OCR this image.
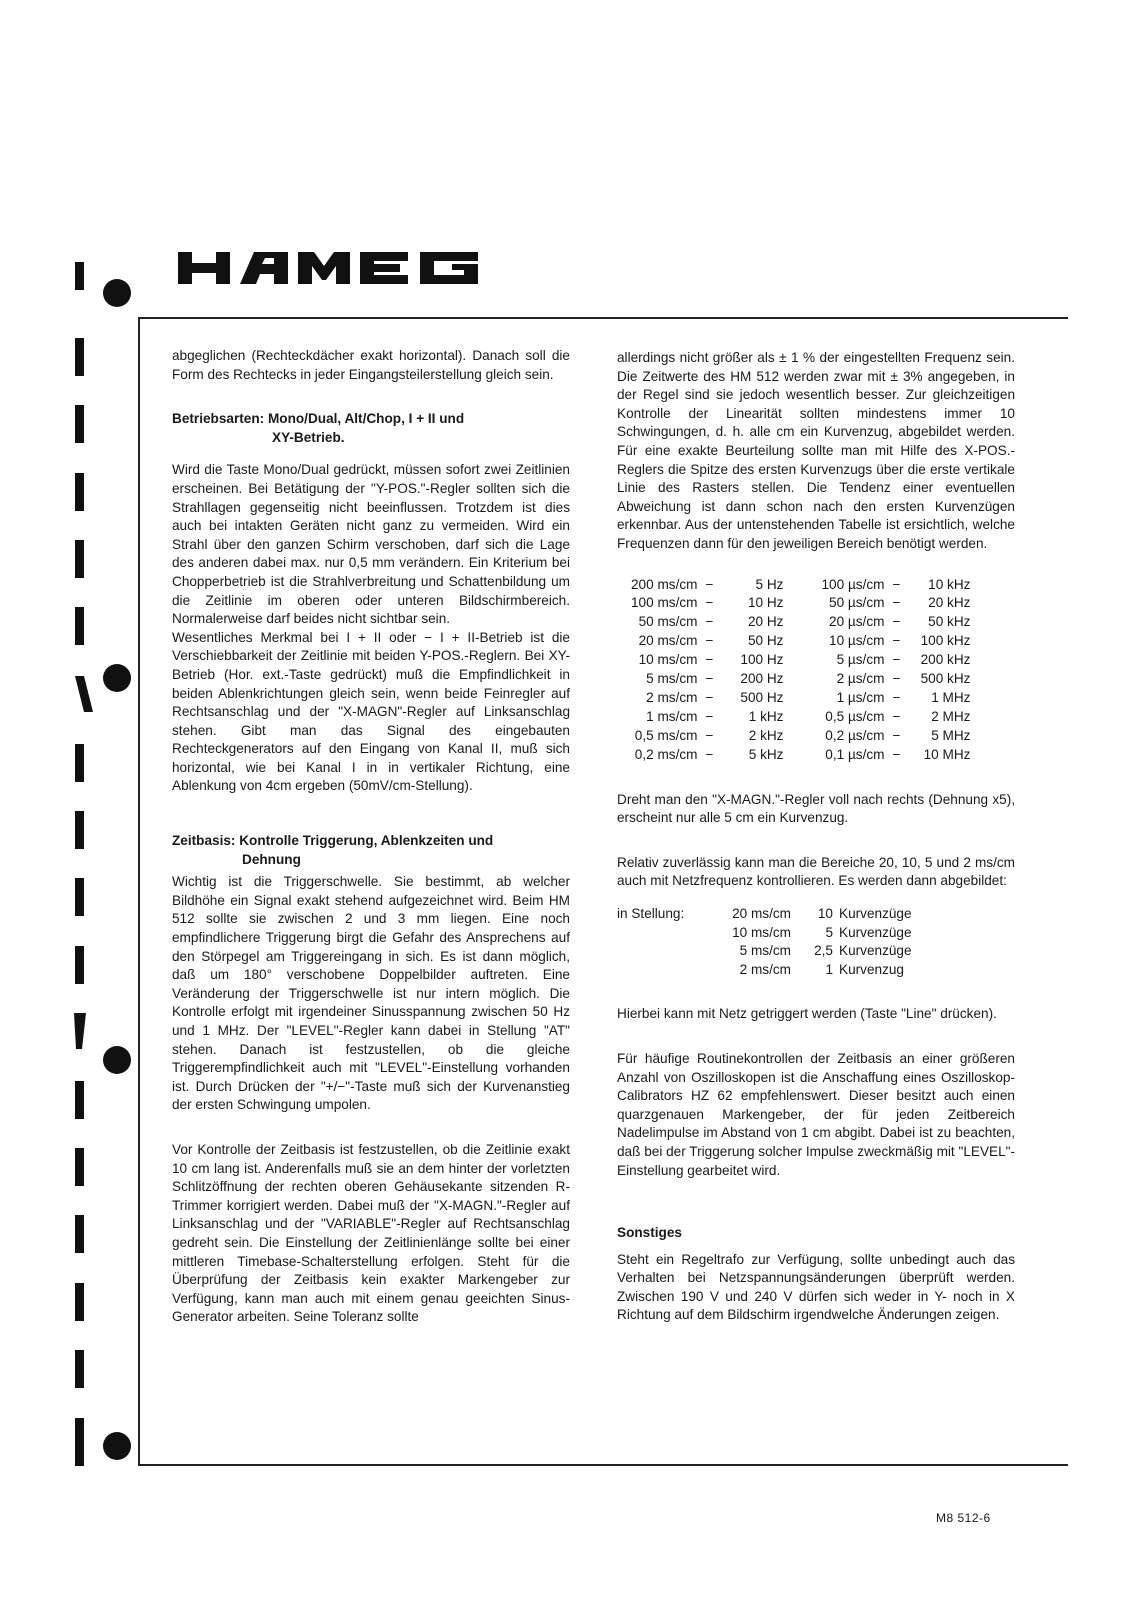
abgeglichen (Rechteckdächer exakt horizontal). Danach soll die Form des Rechtecks in jeder Eingangsteilerstellung gleich sein.

Betriebsarten: Mono/Dual, Alt/Chop, I + II und
XY-Betrieb.

Wird die Taste Mono/Dual gedrückt, müssen sofort zwei Zeitlinien erscheinen. Bei Betätigung der "Y-POS."-Regler sollten sich die Strahllagen gegenseitig nicht beeinflussen. Trotzdem ist dies auch bei intakten Geräten nicht ganz zu vermeiden. Wird ein Strahl über den ganzen Schirm verschoben, darf sich die Lage des anderen dabei max. nur 0,5 mm verändern. Ein Kriterium bei Chopperbetrieb ist die Strahlverbreitung und Schattenbildung um die Zeitlinie im oberen oder unteren Bildschirmbereich. Normalerweise darf beides nicht sichtbar sein.

Wesentliches Merkmal bei I + II oder − I + II-Betrieb ist die Verschiebbarkeit der Zeitlinie mit beiden Y-POS.-Reglern. Bei XY-Betrieb (Hor. ext.-Taste gedrückt) muß die Empfindlichkeit in beiden Ablenkrichtungen gleich sein, wenn beide Feinregler auf Rechtsanschlag und der "X-MAGN"-Regler auf Linksanschlag stehen. Gibt man das Signal des eingebauten Rechteckgenerators auf den Eingang von Kanal II, muß sich horizontal, wie bei Kanal I in in vertikaler Richtung, eine Ablenkung von 4cm ergeben (50mV/cm-Stellung).

Zeitbasis: Kontrolle Triggerung, Ablenkzeiten und
Dehnung

Wichtig ist die Triggerschwelle. Sie bestimmt, ab welcher Bildhöhe ein Signal exakt stehend aufgezeichnet wird. Beim HM 512 sollte sie zwischen 2 und 3 mm liegen. Eine noch empfindlichere Triggerung birgt die Gefahr des Ansprechens auf den Störpegel am Triggereingang in sich. Es ist dann möglich, daß um 180° verschobene Doppelbilder auftreten. Eine Veränderung der Triggerschwelle ist nur intern möglich. Die Kontrolle erfolgt mit irgendeiner Sinusspannung zwischen 50 Hz und 1 MHz. Der "LEVEL"-Regler kann dabei in Stellung "AT" stehen. Danach ist festzustellen, ob die gleiche Triggerempfindlichkeit auch mit "LEVEL"-Einstellung vorhanden ist. Durch Drücken der "+/−"-Taste muß sich der Kurvenanstieg der ersten Schwingung umpolen.

Vor Kontrolle der Zeitbasis ist festzustellen, ob die Zeitlinie exakt 10 cm lang ist. Anderenfalls muß sie an dem hinter der vorletzten Schlitzöffnung der rechten oberen Gehäusekante sitzenden R-Trimmer korrigiert werden. Dabei muß der "X-MAGN."-Regler auf Linksanschlag und der "VARIABLE"-Regler auf Rechtsanschlag gedreht sein. Die Einstellung der Zeitlinienlänge sollte bei einer mittleren Timebase-Schalterstellung erfolgen. Steht für die Überprüfung der Zeitbasis kein exakter Markengeber zur Verfügung, kann man auch mit einem genau geeichten Sinus-Generator arbeiten. Seine Toleranz sollte

allerdings nicht größer als ± 1 % der eingestellten Frequenz sein. Die Zeitwerte des HM 512 werden zwar mit ± 3% angegeben, in der Regel sind sie jedoch wesentlich besser. Zur gleichzeitigen Kontrolle der Linearität sollten mindestens immer 10 Schwingungen, d. h. alle cm ein Kurvenzug, abgebildet werden. Für eine exakte Beurteilung sollte man mit Hilfe des X-POS.-Reglers die Spitze des ersten Kurvenzugs über die erste vertikale Linie des Rasters stellen. Die Tendenz einer eventuellen Abweichung ist dann schon nach den ersten Kurvenzügen erkennbar. Aus der untenstehenden Tabelle ist ersichtlich, welche Frequenzen dann für den jeweiligen Bereich benötigt werden.

200 ms/cm	−	5 Hz		100 µs/cm	−	10 kHz
100 ms/cm	−	10 Hz		50 µs/cm	−	20 kHz
50 ms/cm	−	20 Hz		20 µs/cm	−	50 kHz
20 ms/cm	−	50 Hz		10 µs/cm	−	100 kHz
10 ms/cm	−	100 Hz		5 µs/cm	−	200 kHz
5 ms/cm	−	200 Hz		2 µs/cm	−	500 kHz
2 ms/cm	−	500 Hz		1 µs/cm	−	1 MHz
1 ms/cm	−	1 kHz		0,5 µs/cm	−	2 MHz
0,5 ms/cm	−	2 kHz		0,2 µs/cm	−	5 MHz
0,2 ms/cm	−	5 kHz		0,1 µs/cm	−	10 MHz

Dreht man den "X-MAGN."-Regler voll nach rechts (Dehnung x5), erscheint nur alle 5 cm ein Kurvenzug.

Relativ zuverlässig kann man die Bereiche 20, 10, 5 und 2 ms/cm auch mit Netzfrequenz kontrollieren. Es werden dann abgebildet:

in Stellung:	20 ms/cm	10	Kurvenzüge
	10 ms/cm	5	Kurvenzüge
	5 ms/cm	2,5	Kurvenzüge
	2 ms/cm	1	Kurvenzug

Hierbei kann mit Netz getriggert werden (Taste "Line" drücken).

Für häufige Routinekontrollen der Zeitbasis an einer größeren Anzahl von Oszilloskopen ist die Anschaffung eines Oszilloskop-Calibrators HZ 62 empfehlenswert. Dieser besitzt auch einen quarzgenauen Markengeber, der für jeden Zeitbereich Nadelimpulse im Abstand von 1 cm abgibt. Dabei ist zu beachten, daß bei der Triggerung solcher Impulse zweckmäßig mit "LEVEL"-Einstellung gearbeitet wird.

Sonstiges

Steht ein Regeltrafo zur Verfügung, sollte unbedingt auch das Verhalten bei Netzspannungsänderungen überprüft werden. Zwischen 190 V und 240 V dürfen sich weder in Y- noch in X Richtung auf dem Bildschirm irgendwelche Änderungen zeigen.

M8 512-6
